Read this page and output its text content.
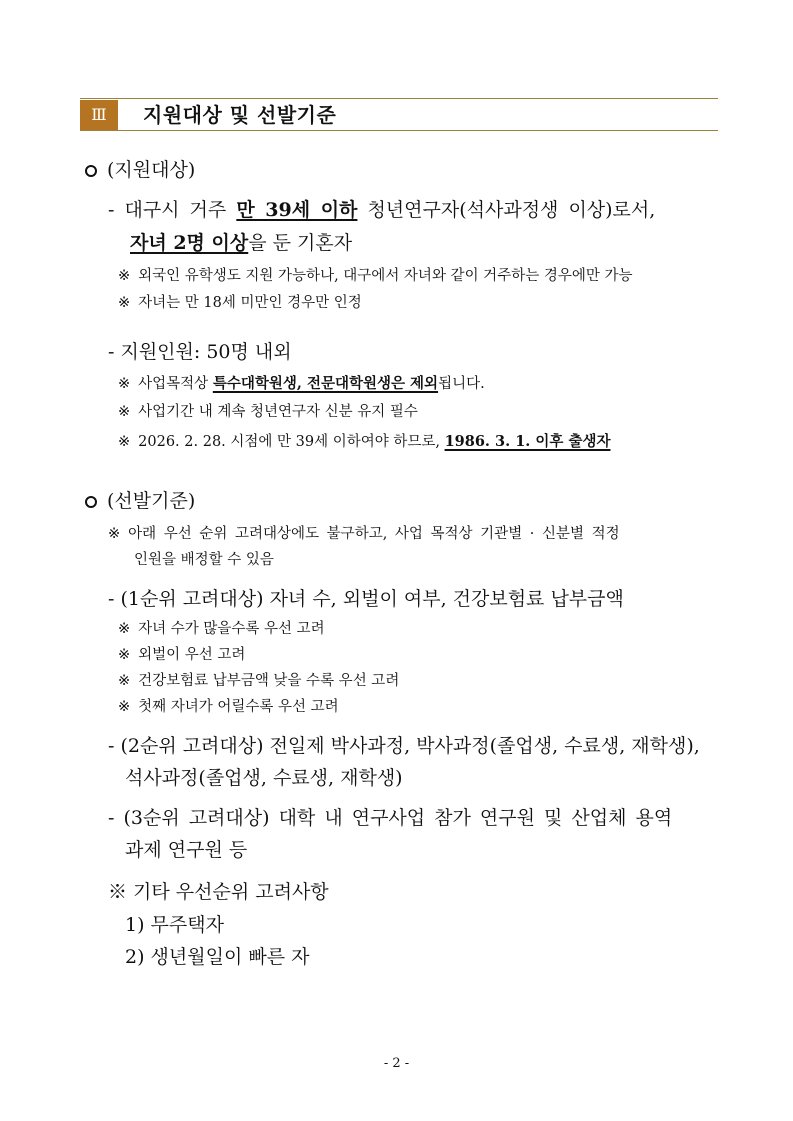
Ⅲ	지원대상 및 선발기준
(지원대상)
- 대구시 거주 만 39세 이하 청년연구자(석사과정생 이상)로서,
자녀 2명 이상을 둔 기혼자
※ 외국인 유학생도 지원 가능하나, 대구에서 자녀와 같이 거주하는 경우에만 가능
※ 자녀는 만 18세 미만인 경우만 인정
- 지원인원: 50명 내외
※ 사업목적상 특수대학원생, 전문대학원생은 제외됩니다.
※ 사업기간 내 계속 청년연구자 신분 유지 필수
※ 2026. 2. 28. 시점에 만 39세 이하여야 하므로, 1986. 3. 1. 이후 출생자
(선발기준)
※ 아래 우선 순위 고려대상에도 불구하고, 사업 목적상 기관별 · 신분별 적정
인원을 배정할 수 있음
- (1순위 고려대상) 자녀 수, 외벌이 여부, 건강보험료 납부금액
※ 자녀 수가 많을수록 우선 고려
※ 외벌이 우선 고려
※ 건강보험료 납부금액 낮을 수록 우선 고려
※ 첫째 자녀가 어릴수록 우선 고려
- (2순위 고려대상) 전일제 박사과정, 박사과정(졸업생, 수료생, 재학생),
석사과정(졸업생, 수료생, 재학생)
- (3순위 고려대상) 대학 내 연구사업 참가 연구원 및 산업체 용역
과제 연구원 등
※ 기타 우선순위 고려사항
1) 무주택자
2) 생년월일이 빠른 자
- 2 -
